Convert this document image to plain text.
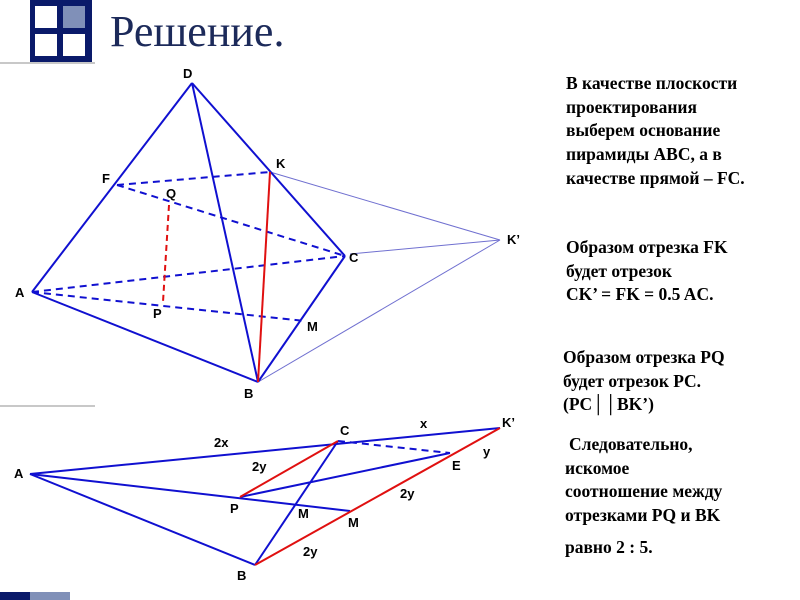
Решение.
D
F
K
Q
C
K’
A
P
M
B
C	x	K’
A
2x
2y	E
y
P	M
M
2y
2y
B
В качестве плоскости
проектирования
выберем основание
пирамиды ABC, а в
качестве прямой – FC.
Образом отрезка FK
будет отрезок
CK’ = FK = 0.5 AC.
Образом отрезка PQ
будет отрезок PC.
(PC││BK’)
Следовательно,
искомое
соотношение между
отрезками PQ и BK
равно 2 : 5.
